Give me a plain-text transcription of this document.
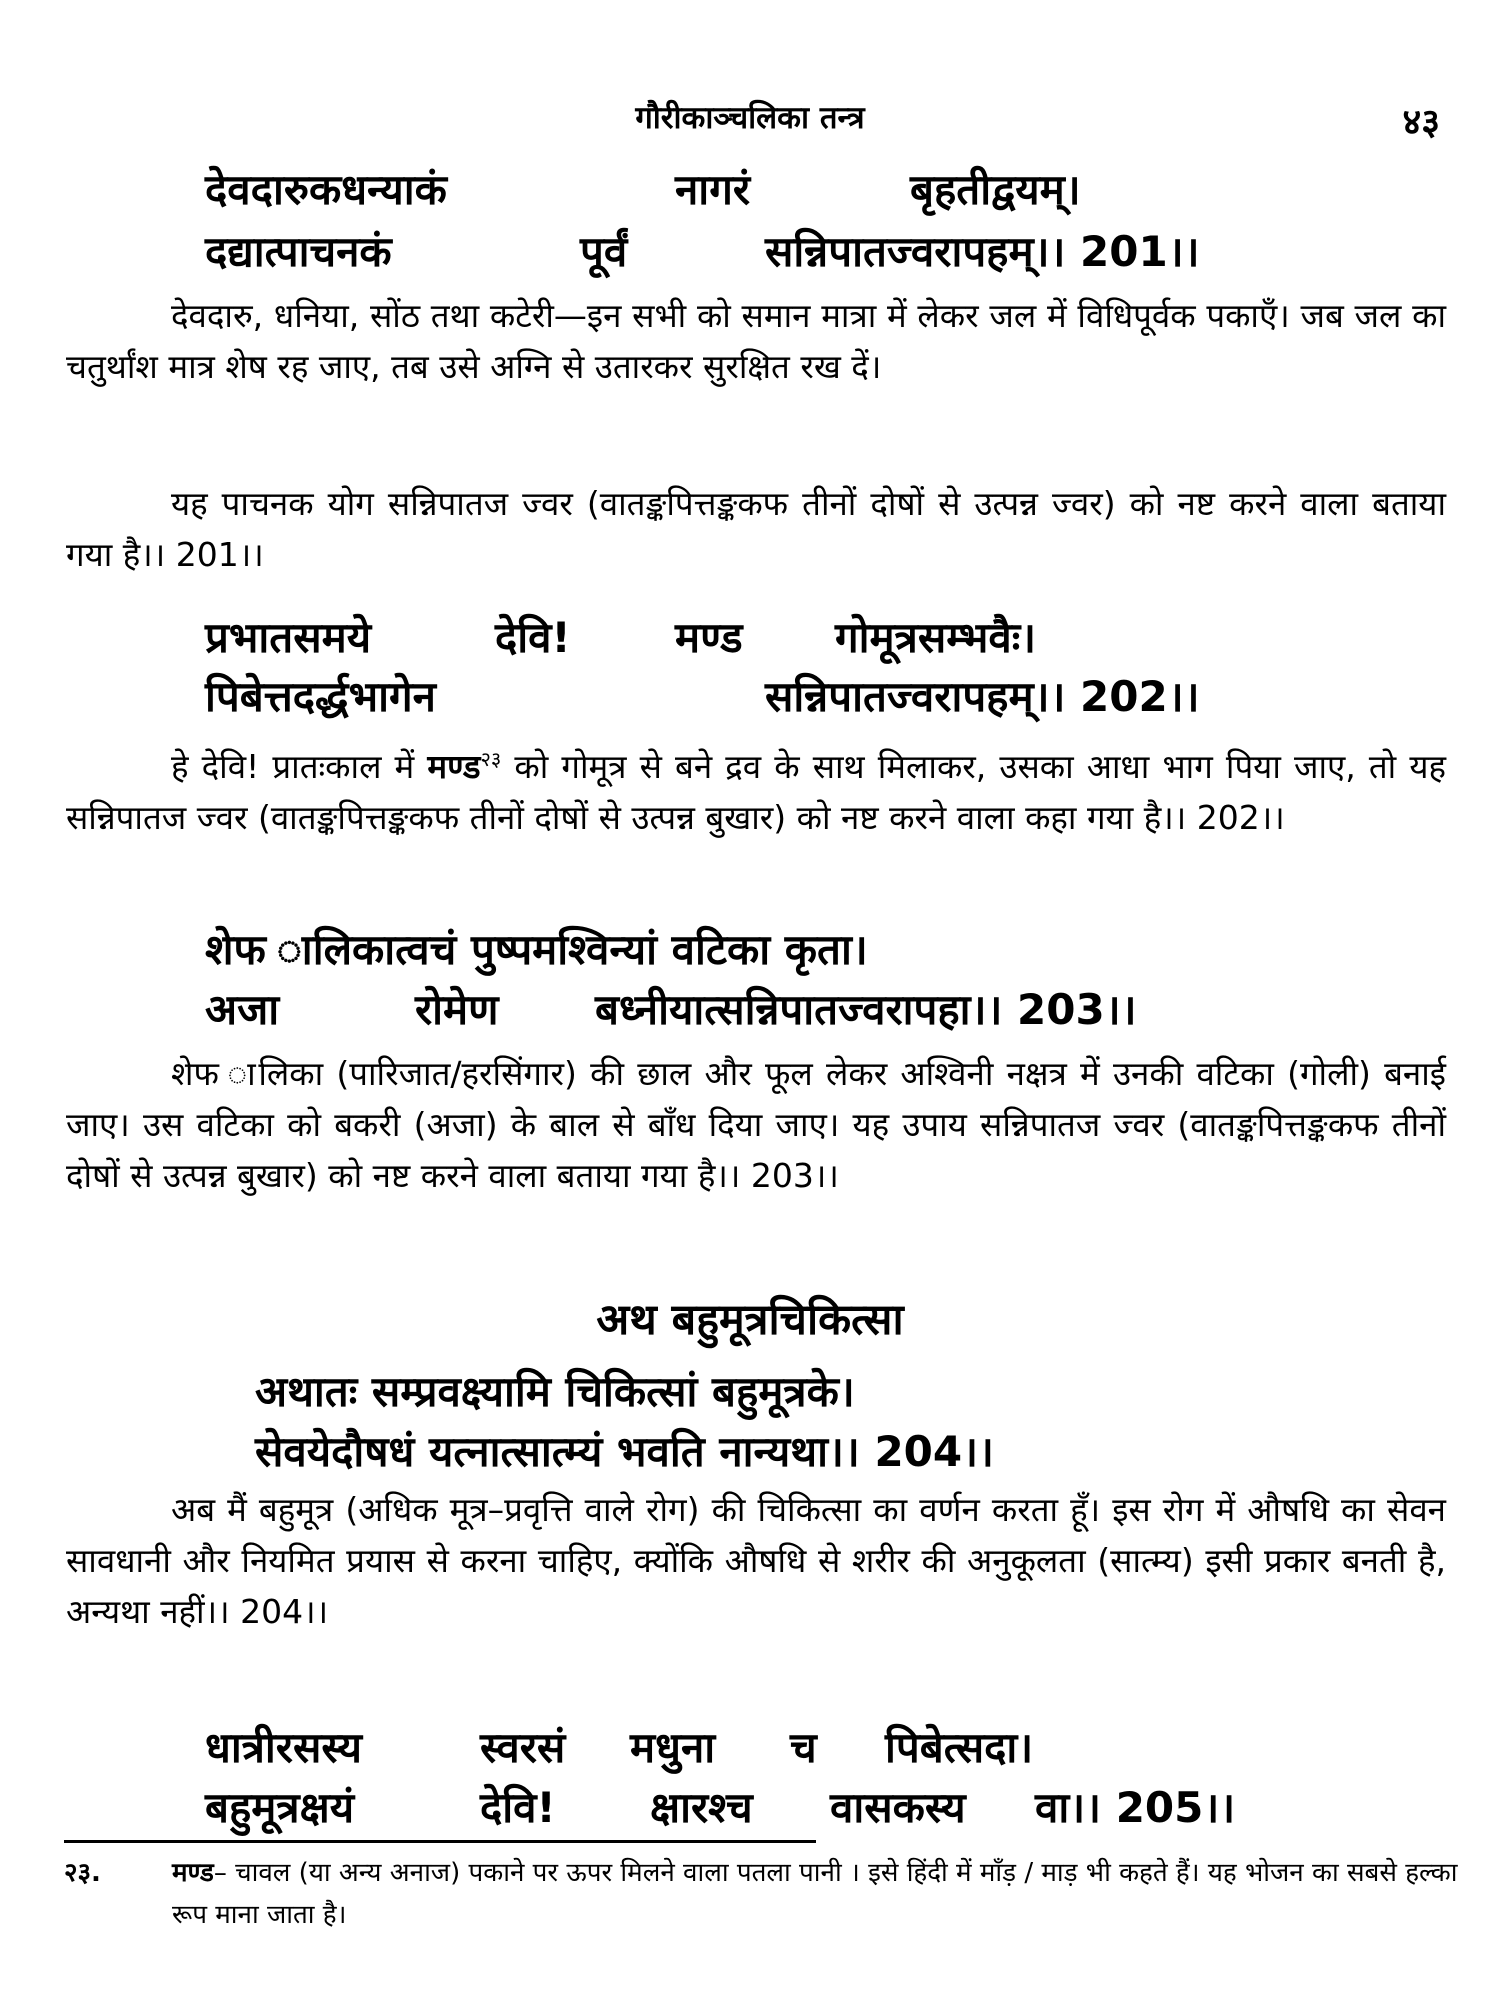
गौरीकाञ्चलिका तन्त्र	४३
देवदारुकधन्याकं	नागरं	बृहतीद्वयम्।
दद्यात्पाचनकं	पूर्वं	सन्निपातज्वरापहम्।। 201।।

देवदारु, धनिया, सोंठ तथा कटेरी—इन सभी को समान मात्रा में लेकर जल में विधिपूर्वक पकाएँ। जब जल का चतुर्थांश मात्र शेष रह जाए, तब उसे अग्नि से उतारकर सुरक्षित रख दें।

यह पाचनक योग सन्निपातज ज्वर (वातङ्कपित्तङ्ककफ तीनों दोषों से उत्पन्न ज्वर) को नष्ट करने वाला बताया गया है।। 201।।

प्रभातसमये	देवि! मण्ड गोमूत्रसम्भवैः।
पिबेत्तदर्द्धभागेन	सन्निपातज्वरापहम्।। 202।।

हे देवि! प्रातःकाल में मण्ड$^{२३}$ को गोमूत्र से बने द्रव के साथ मिलाकर, उसका आधा भाग पिया जाए, तो यह सन्निपातज ज्वर (वातङ्कपित्तङ्ककफ तीनों दोषों से उत्पन्न बुखार) को नष्ट करने वाला कहा गया है।। 202।।

शेफ ालिकात्वचं पुष्पमश्विन्यां वटिका कृता।
अजा	रोमेण बध्नीयात्सन्निपातज्वरापहा।। 203।।

शेफ ालिका (पारिजात/हरसिंगार) की छाल और फूल लेकर अश्विनी नक्षत्र में उनकी वटिका (गोली) बनाई जाए। उस वटिका को बकरी (अजा) के बाल से बाँध दिया जाए। यह उपाय सन्निपातज ज्वर (वातङ्कपित्तङ्ककफ तीनों दोषों से उत्पन्न बुखार) को नष्ट करने वाला बताया गया है।। 203।।

अथ बहुमूत्रचिकित्सा
अथातः सम्प्रवक्ष्यामि चिकित्सां बहुमूत्रके।
सेवयेदौषधं यत्नात्सात्म्यं भवति नान्यथा।। 204।।

अब मैं बहुमूत्र (अधिक मूत्र–प्रवृत्ति वाले रोग) की चिकित्सा का वर्णन करता हूँ। इस रोग में औषधि का सेवन सावधानी और नियमित प्रयास से करना चाहिए, क्योंकि औषधि से शरीर की अनुकूलता (सात्म्य) इसी प्रकार बनती है, अन्यथा नहीं।। 204।।

धात्रीरसस्य	स्वरसं मधुना च पिबेत्सदा।
बहुमूत्रक्षयं	देवि! क्षारश्च वासकस्य वा।। 205।।
२३.	मण्ड– चावल (या अन्य अनाज) पकाने पर ऊपर मिलने वाला पतला पानी । इसे हिंदी में माँड़ / माड़ भी कहते हैं। यह भोजन का सबसे हल्का रूप माना जाता है।
